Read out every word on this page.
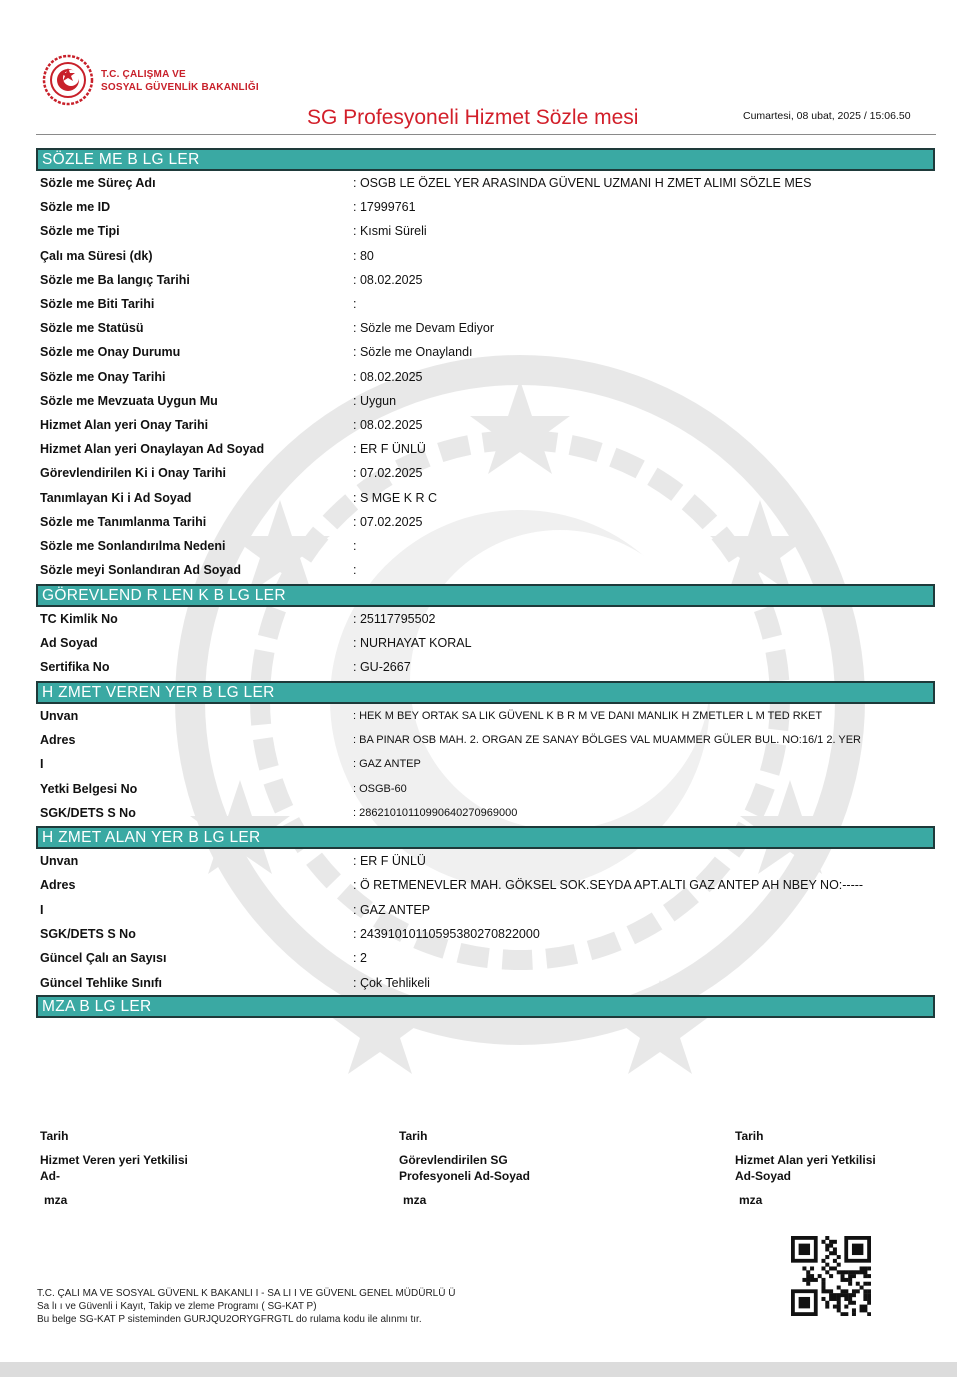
T.C. ÇALIŞMA VE
SOSYAL GÜVENLİK BAKANLIĞI
SG Profesyoneli Hizmet Sözle mesi	Cumartesi, 08 ubat, 2025 / 15:06.50
SÖZLE ME B LG LER
Sözle me Süreç Adı	: OSGB LE ÖZEL YER ARASINDA GÜVENL UZMANI H ZMET ALIMI SÖZLE MES
Sözle me ID	: 17999761
Sözle me Tipi	: Kısmi Süreli
Çalı ma Süresi (dk)	: 80
Sözle me Ba langıç Tarihi	: 08.02.2025
Sözle me Biti Tarihi	:
Sözle me Statüsü	: Sözle me Devam Ediyor
Sözle me Onay Durumu	: Sözle me Onaylandı
Sözle me Onay Tarihi	: 08.02.2025
Sözle me Mevzuata Uygun Mu	: Uygun
Hizmet Alan yeri Onay Tarihi	: 08.02.2025
Hizmet Alan yeri Onaylayan Ad Soyad	: ER F ÜNLÜ
Görevlendirilen Ki i Onay Tarihi	: 07.02.2025
Tanımlayan Ki i Ad Soyad	: S MGE K R C
Sözle me Tanımlanma Tarihi	: 07.02.2025
Sözle me Sonlandırılma Nedeni	:
Sözle meyi Sonlandıran Ad Soyad	:
GÖREVLEND R LEN K B LG LER
TC Kimlik No	: 25117795502
Ad Soyad	: NURHAYAT KORAL
Sertifika No	: GU-2667
H ZMET VEREN YER B LG LER
Unvan	: HEK M BEY ORTAK SA LIK GÜVENL K B R M VE DANI MANLIK H ZMETLER L M TED RKET
Adres	: BA PINAR OSB MAH. 2. ORGAN ZE SANAY BÖLGES VAL MUAMMER GÜLER BUL. NO:16/1 2. YER
I	: GAZ ANTEP
Yetki Belgesi No	: OSGB-60
SGK/DETS S No	: 2862101011099064027096900​0
H ZMET ALAN YER B LG LER
Unvan	: ER F ÜNLÜ
Adres	: Ö RETMENEVLER MAH. GÖKSEL SOK.SEYDA APT.ALTI GAZ ANTEP AH NBEY NO:-----
I	: GAZ ANTEP
SGK/DETS S No	: 24391010110595380270822000
Güncel Çalı an Sayısı	: 2
Güncel Tehlike Sınıfı	: Çok Tehlikeli
MZA B LG LER
Tarih
Hizmet Veren yeri Yetkilisi
Ad-
mza
Tarih
Görevlendirilen SG
Profesyoneli Ad-Soyad
mza
Tarih
Hizmet Alan yeri Yetkilisi
Ad-Soyad
mza
T.C. ÇALI MA VE SOSYAL GÜVENL K BAKANLI I - SA LI I VE GÜVENL GENEL MÜDÜRLÜ Ü
Sa lı ı ve Güvenli i Kayıt, Takip ve zleme Programı ( SG-KAT P)
Bu belge SG-KAT P sisteminden GURJQU2ORYGFRGTL do rulama kodu ile alınmı tır.
